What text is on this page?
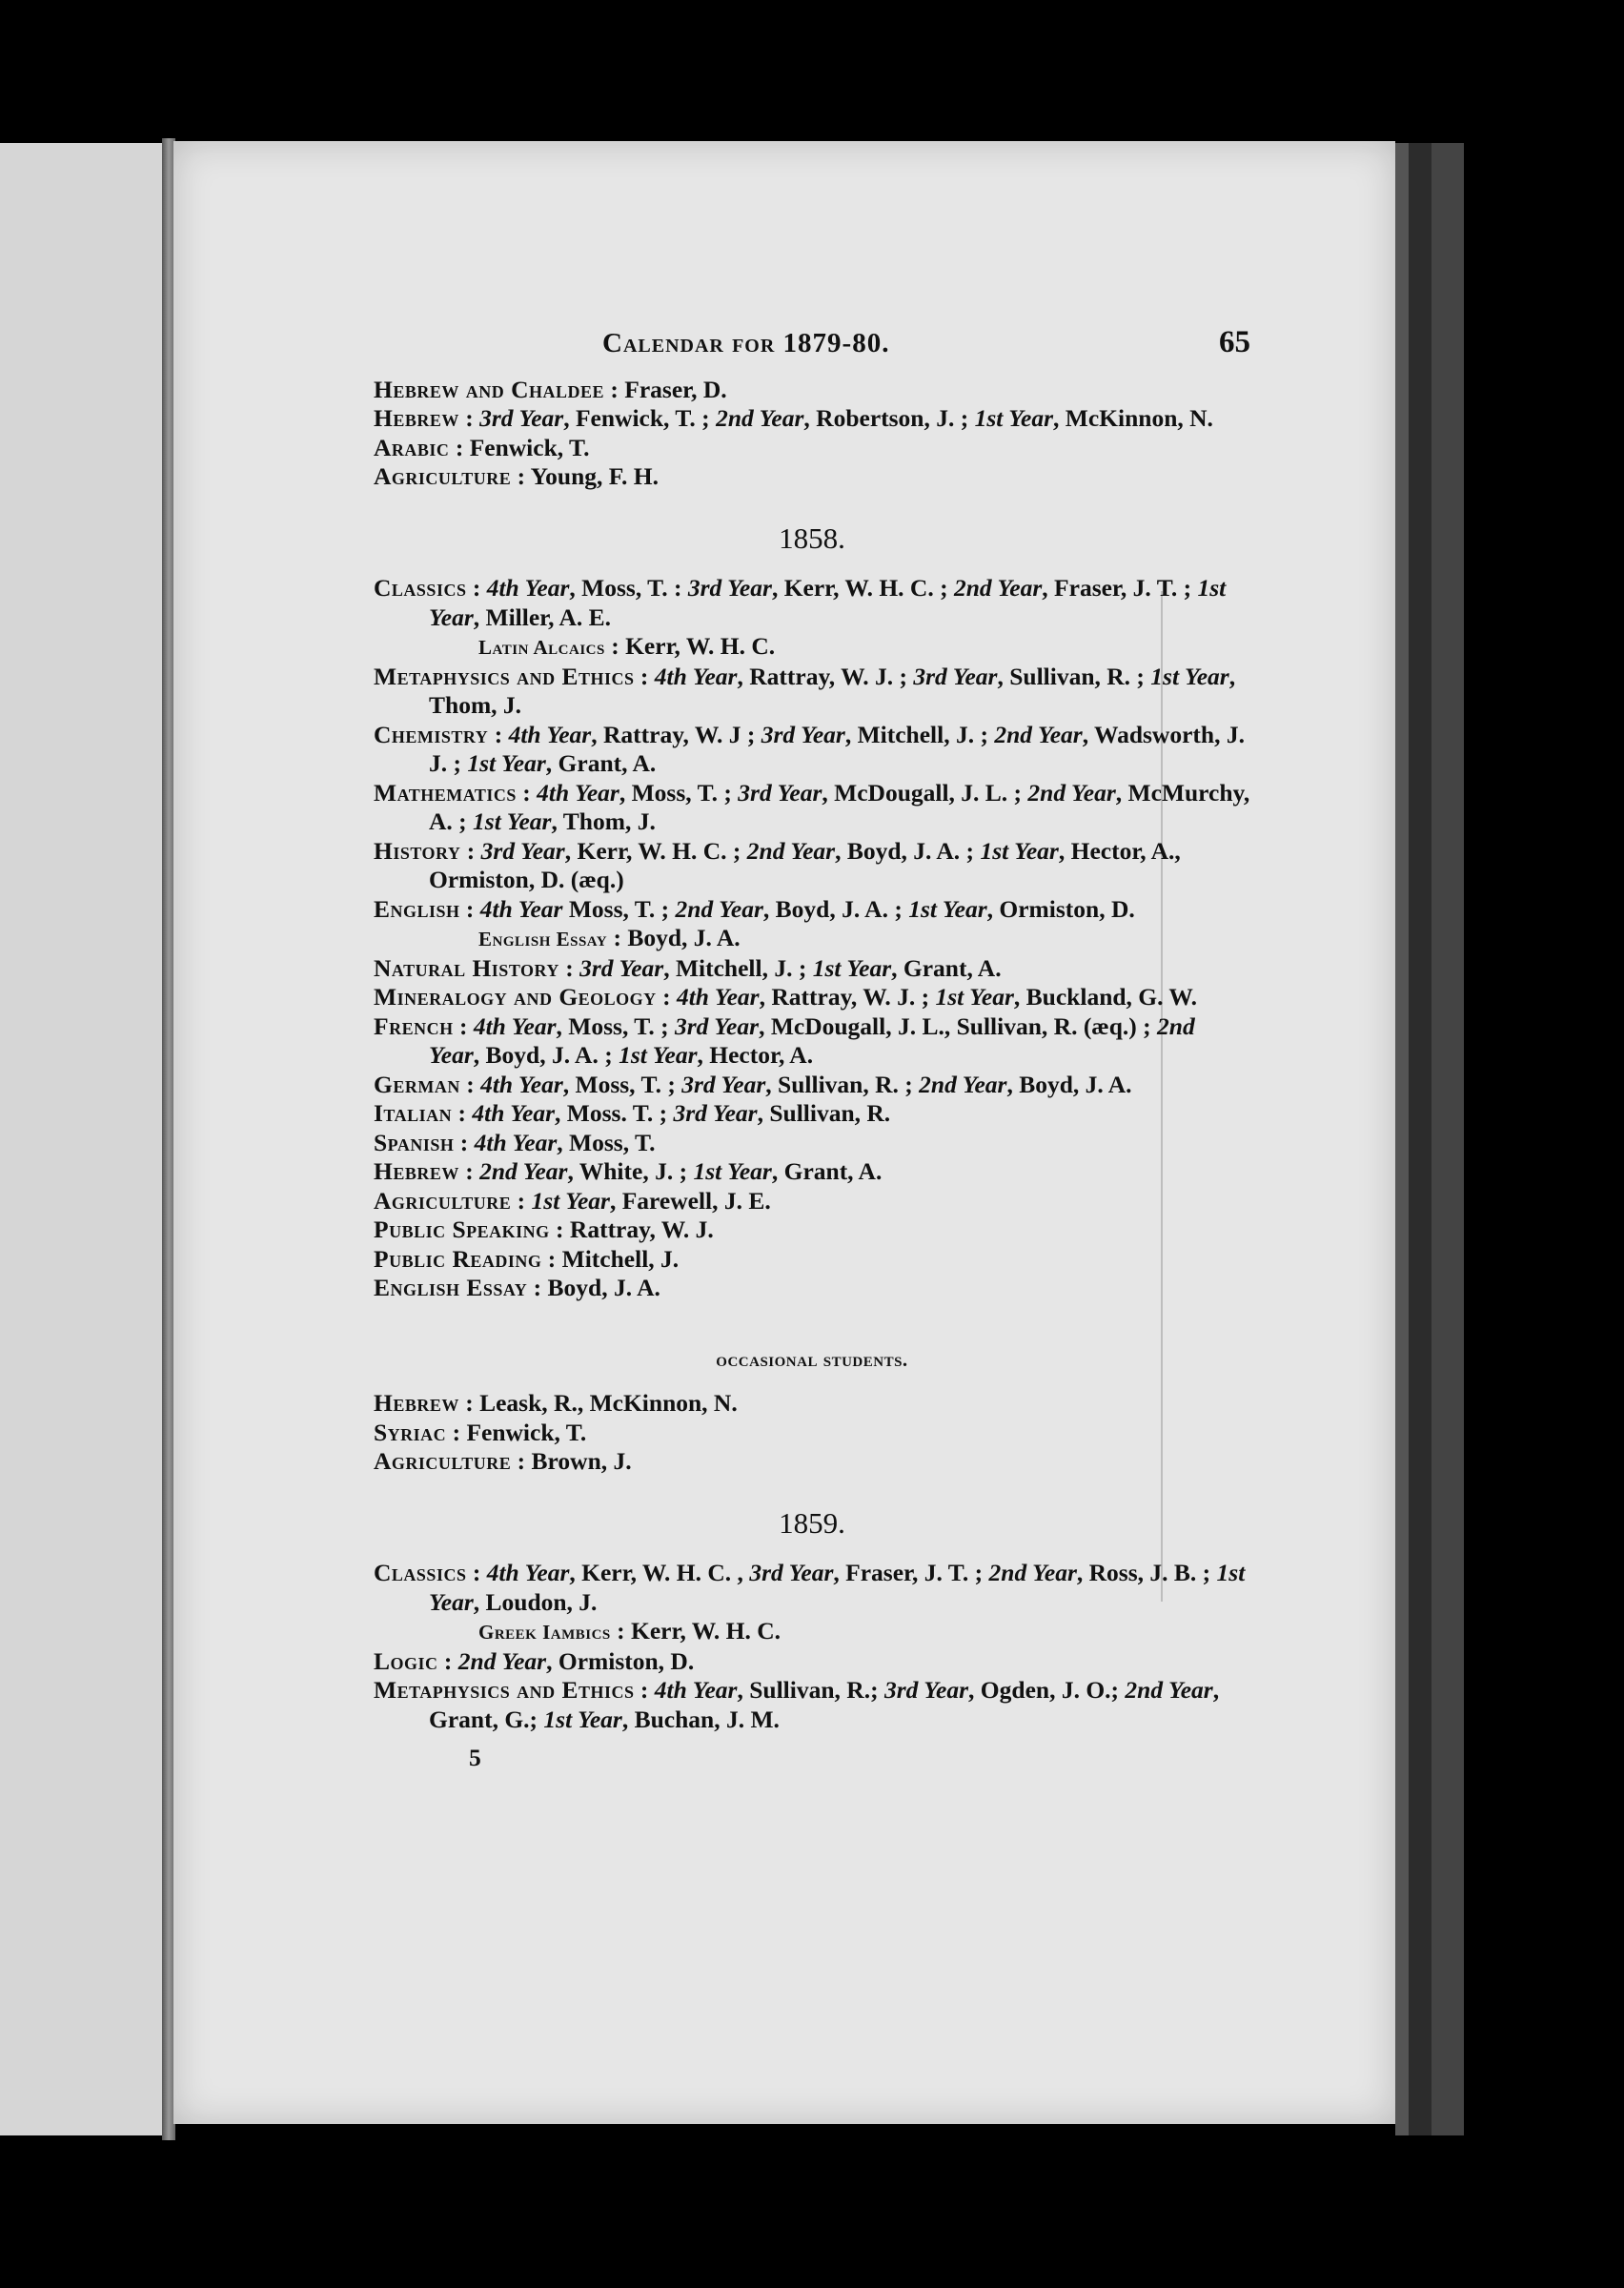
Calendar for 1879-80.	65

Hebrew and Chaldee : Fraser, D.

Hebrew : 3rd Year, Fenwick, T. ; 2nd Year, Robertson, J. ; 1st Year, McKinnon, N.

Arabic : Fenwick, T.

Agriculture : Young, F. H.

1858.

Classics : 4th Year, Moss, T. : 3rd Year, Kerr, W. H. C. ; 2nd Year, Fraser, J. T. ; 1st Year, Miller, A. E.

Latin Alcaics : Kerr, W. H. C.

Metaphysics and Ethics : 4th Year, Rattray, W. J. ; 3rd Year, Sullivan, R. ; 1st Year, Thom, J.

Chemistry : 4th Year, Rattray, W. J ; 3rd Year, Mitchell, J. ; 2nd Year, Wadsworth, J. J. ; 1st Year, Grant, A.

Mathematics : 4th Year, Moss, T. ; 3rd Year, McDougall, J. L. ; 2nd Year, McMurchy, A. ; 1st Year, Thom, J.

History : 3rd Year, Kerr, W. H. C. ; 2nd Year, Boyd, J. A. ; 1st Year, Hector, A., Ormiston, D. (æq.)

English : 4th Year Moss, T. ; 2nd Year, Boyd, J. A. ; 1st Year, Ormiston, D.

English Essay : Boyd, J. A.

Natural History : 3rd Year, Mitchell, J. ; 1st Year, Grant, A.

Mineralogy and Geology : 4th Year, Rattray, W. J. ; 1st Year, Buckland, G. W.

French : 4th Year, Moss, T. ; 3rd Year, McDougall, J. L., Sullivan, R. (æq.) ; 2nd Year, Boyd, J. A. ; 1st Year, Hector, A.

German : 4th Year, Moss, T. ; 3rd Year, Sullivan, R. ; 2nd Year, Boyd, J. A.

Italian : 4th Year, Moss. T. ; 3rd Year, Sullivan, R.

Spanish : 4th Year, Moss, T.

Hebrew : 2nd Year, White, J. ; 1st Year, Grant, A.

Agriculture : 1st Year, Farewell, J. E.

Public Speaking : Rattray, W. J.

Public Reading : Mitchell, J.

English Essay : Boyd, J. A.

occasional students.

Hebrew : Leask, R., McKinnon, N.

Syriac : Fenwick, T.

Agriculture : Brown, J.

1859.

Classics : 4th Year, Kerr, W. H. C. , 3rd Year, Fraser, J. T. ; 2nd Year, Ross, J. B. ; 1st Year, Loudon, J.

Greek Iambics : Kerr, W. H. C.

Logic : 2nd Year, Ormiston, D.

Metaphysics and Ethics : 4th Year, Sullivan, R.; 3rd Year, Ogden, J. O.; 2nd Year, Grant, G.; 1st Year, Buchan, J. M.

5
